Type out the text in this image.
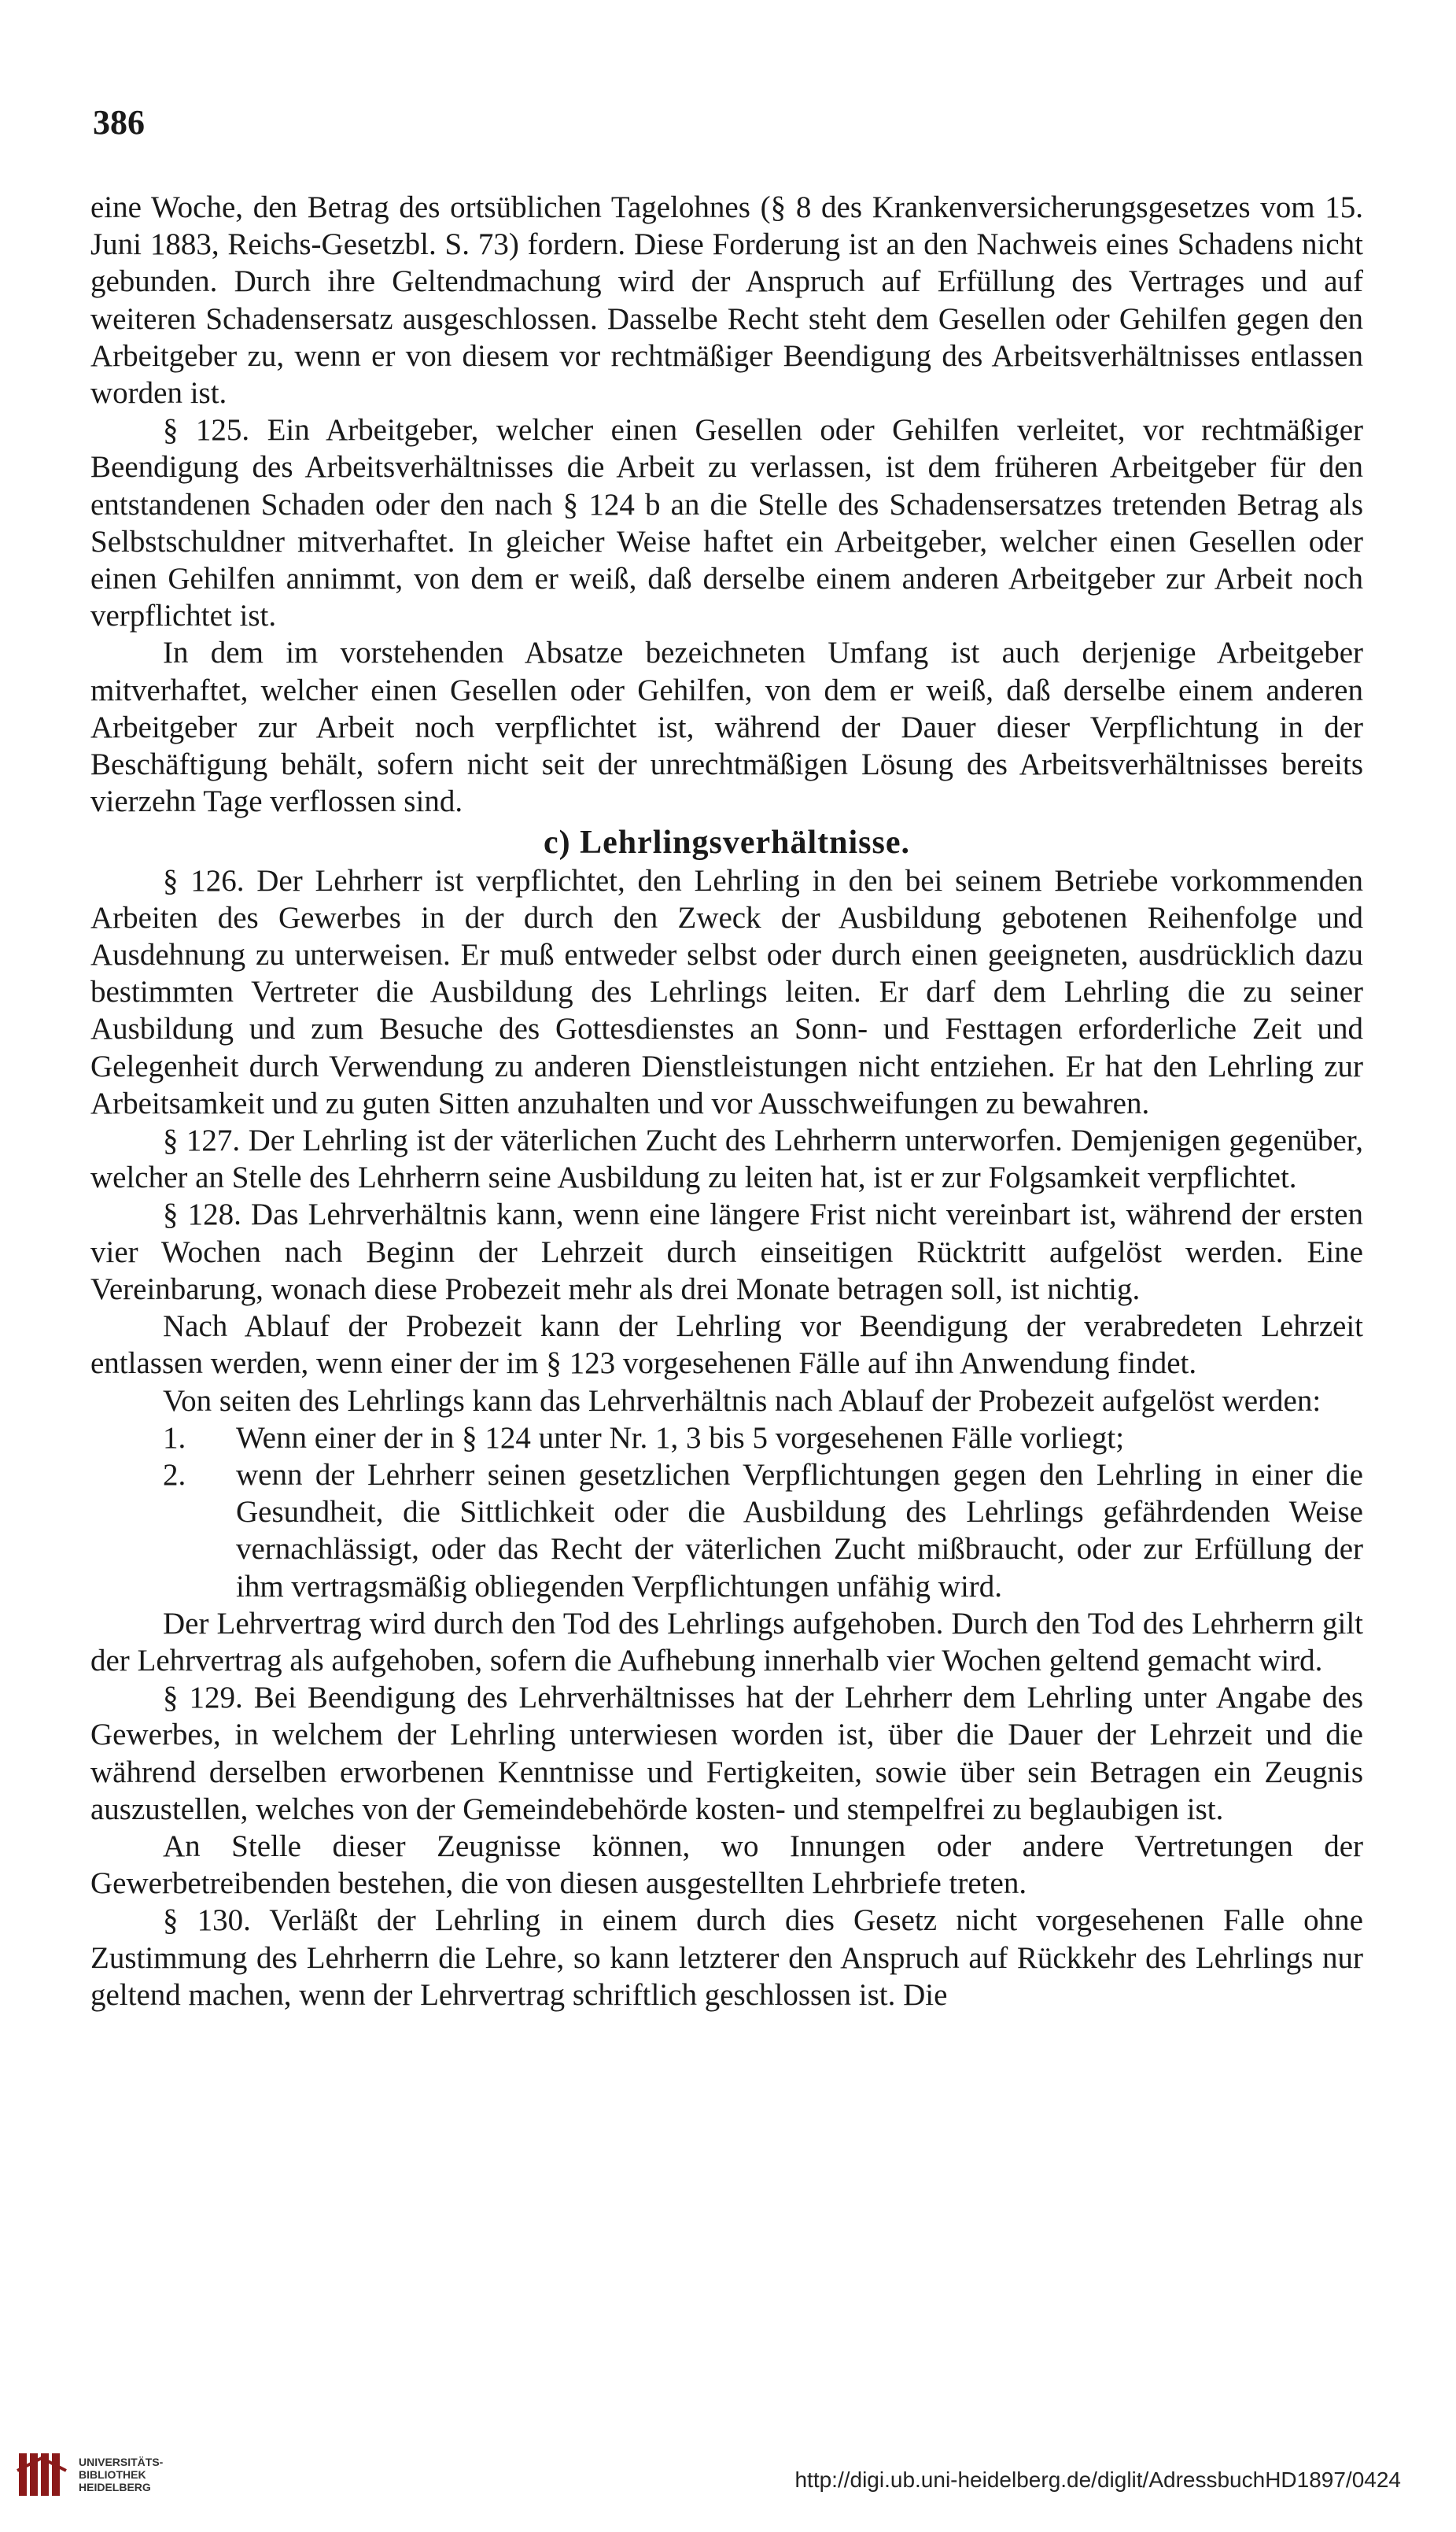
386

eine Woche, den Betrag des ortsüblichen Tagelohnes (§ 8 des Krankenversicherungsgesetzes vom 15. Juni 1883, Reichs-Gesetzbl. S. 73) fordern. Diese Forderung ist an den Nachweis eines Schadens nicht gebunden. Durch ihre Geltendmachung wird der Anspruch auf Erfüllung des Vertrages und auf weiteren Schadensersatz ausgeschlossen. Dasselbe Recht steht dem Gesellen oder Gehilfen gegen den Arbeitgeber zu, wenn er von diesem vor rechtmäßiger Beendigung des Arbeitsverhältnisses entlassen worden ist.

§ 125. Ein Arbeitgeber, welcher einen Gesellen oder Gehilfen verleitet, vor rechtmäßiger Beendigung des Arbeitsverhältnisses die Arbeit zu verlassen, ist dem früheren Arbeitgeber für den entstandenen Schaden oder den nach § 124 b an die Stelle des Schadensersatzes tretenden Betrag als Selbstschuldner mitverhaftet. In gleicher Weise haftet ein Arbeitgeber, welcher einen Gesellen oder einen Gehilfen annimmt, von dem er weiß, daß derselbe einem anderen Arbeitgeber zur Arbeit noch verpflichtet ist.

In dem im vorstehenden Absatze bezeichneten Umfang ist auch derjenige Arbeitgeber mitverhaftet, welcher einen Gesellen oder Gehilfen, von dem er weiß, daß derselbe einem anderen Arbeitgeber zur Arbeit noch verpflichtet ist, während der Dauer dieser Verpflichtung in der Beschäftigung behält, sofern nicht seit der unrechtmäßigen Lösung des Arbeitsverhältnisses bereits vierzehn Tage verflossen sind.

c) Lehrlingsverhältnisse.

§ 126. Der Lehrherr ist verpflichtet, den Lehrling in den bei seinem Betriebe vorkommenden Arbeiten des Gewerbes in der durch den Zweck der Ausbildung gebotenen Reihenfolge und Ausdehnung zu unterweisen. Er muß entweder selbst oder durch einen geeigneten, ausdrücklich dazu bestimmten Vertreter die Ausbildung des Lehrlings leiten. Er darf dem Lehrling die zu seiner Ausbildung und zum Besuche des Gottesdienstes an Sonn- und Festtagen erforderliche Zeit und Gelegenheit durch Verwendung zu anderen Dienstleistungen nicht entziehen. Er hat den Lehrling zur Arbeitsamkeit und zu guten Sitten anzuhalten und vor Ausschweifungen zu bewahren.

§ 127. Der Lehrling ist der väterlichen Zucht des Lehrherrn unterworfen. Demjenigen gegenüber, welcher an Stelle des Lehrherrn seine Ausbildung zu leiten hat, ist er zur Folgsamkeit verpflichtet.

§ 128. Das Lehrverhältnis kann, wenn eine längere Frist nicht vereinbart ist, während der ersten vier Wochen nach Beginn der Lehrzeit durch einseitigen Rücktritt aufgelöst werden. Eine Vereinbarung, wonach diese Probezeit mehr als drei Monate betragen soll, ist nichtig.

Nach Ablauf der Probezeit kann der Lehrling vor Beendigung der verabredeten Lehrzeit entlassen werden, wenn einer der im § 123 vorgesehenen Fälle auf ihn Anwendung findet.

Von seiten des Lehrlings kann das Lehrverhältnis nach Ablauf der Probezeit aufgelöst werden:

1. Wenn einer der in § 124 unter Nr. 1, 3 bis 5 vorgesehenen Fälle vorliegt;
2. wenn der Lehrherr seinen gesetzlichen Verpflichtungen gegen den Lehrling in einer die Gesundheit, die Sittlichkeit oder die Ausbildung des Lehrlings gefährdenden Weise vernachlässigt, oder das Recht der väterlichen Zucht mißbraucht, oder zur Erfüllung der ihm vertragsmäßig obliegenden Verpflichtungen unfähig wird.

Der Lehrvertrag wird durch den Tod des Lehrlings aufgehoben. Durch den Tod des Lehrherrn gilt der Lehrvertrag als aufgehoben, sofern die Aufhebung innerhalb vier Wochen geltend gemacht wird.

§ 129. Bei Beendigung des Lehrverhältnisses hat der Lehrherr dem Lehrling unter Angabe des Gewerbes, in welchem der Lehrling unterwiesen worden ist, über die Dauer der Lehrzeit und die während derselben erworbenen Kenntnisse und Fertigkeiten, sowie über sein Betragen ein Zeugnis auszustellen, welches von der Gemeindebehörde kosten- und stempelfrei zu beglaubigen ist.

An Stelle dieser Zeugnisse können, wo Innungen oder andere Vertretungen der Gewerbetreibenden bestehen, die von diesen ausgestellten Lehrbriefe treten.

§ 130. Verläßt der Lehrling in einem durch dies Gesetz nicht vorgesehenen Falle ohne Zustimmung des Lehrherrn die Lehre, so kann letzterer den Anspruch auf Rückkehr des Lehrlings nur geltend machen, wenn der Lehrvertrag schriftlich geschlossen ist. Die

UNIVERSITÄTS-
BIBLIOTHEK
HEIDELBERG	http://digi.ub.uni-heidelberg.de/diglit/AdressbuchHD1897/0424
